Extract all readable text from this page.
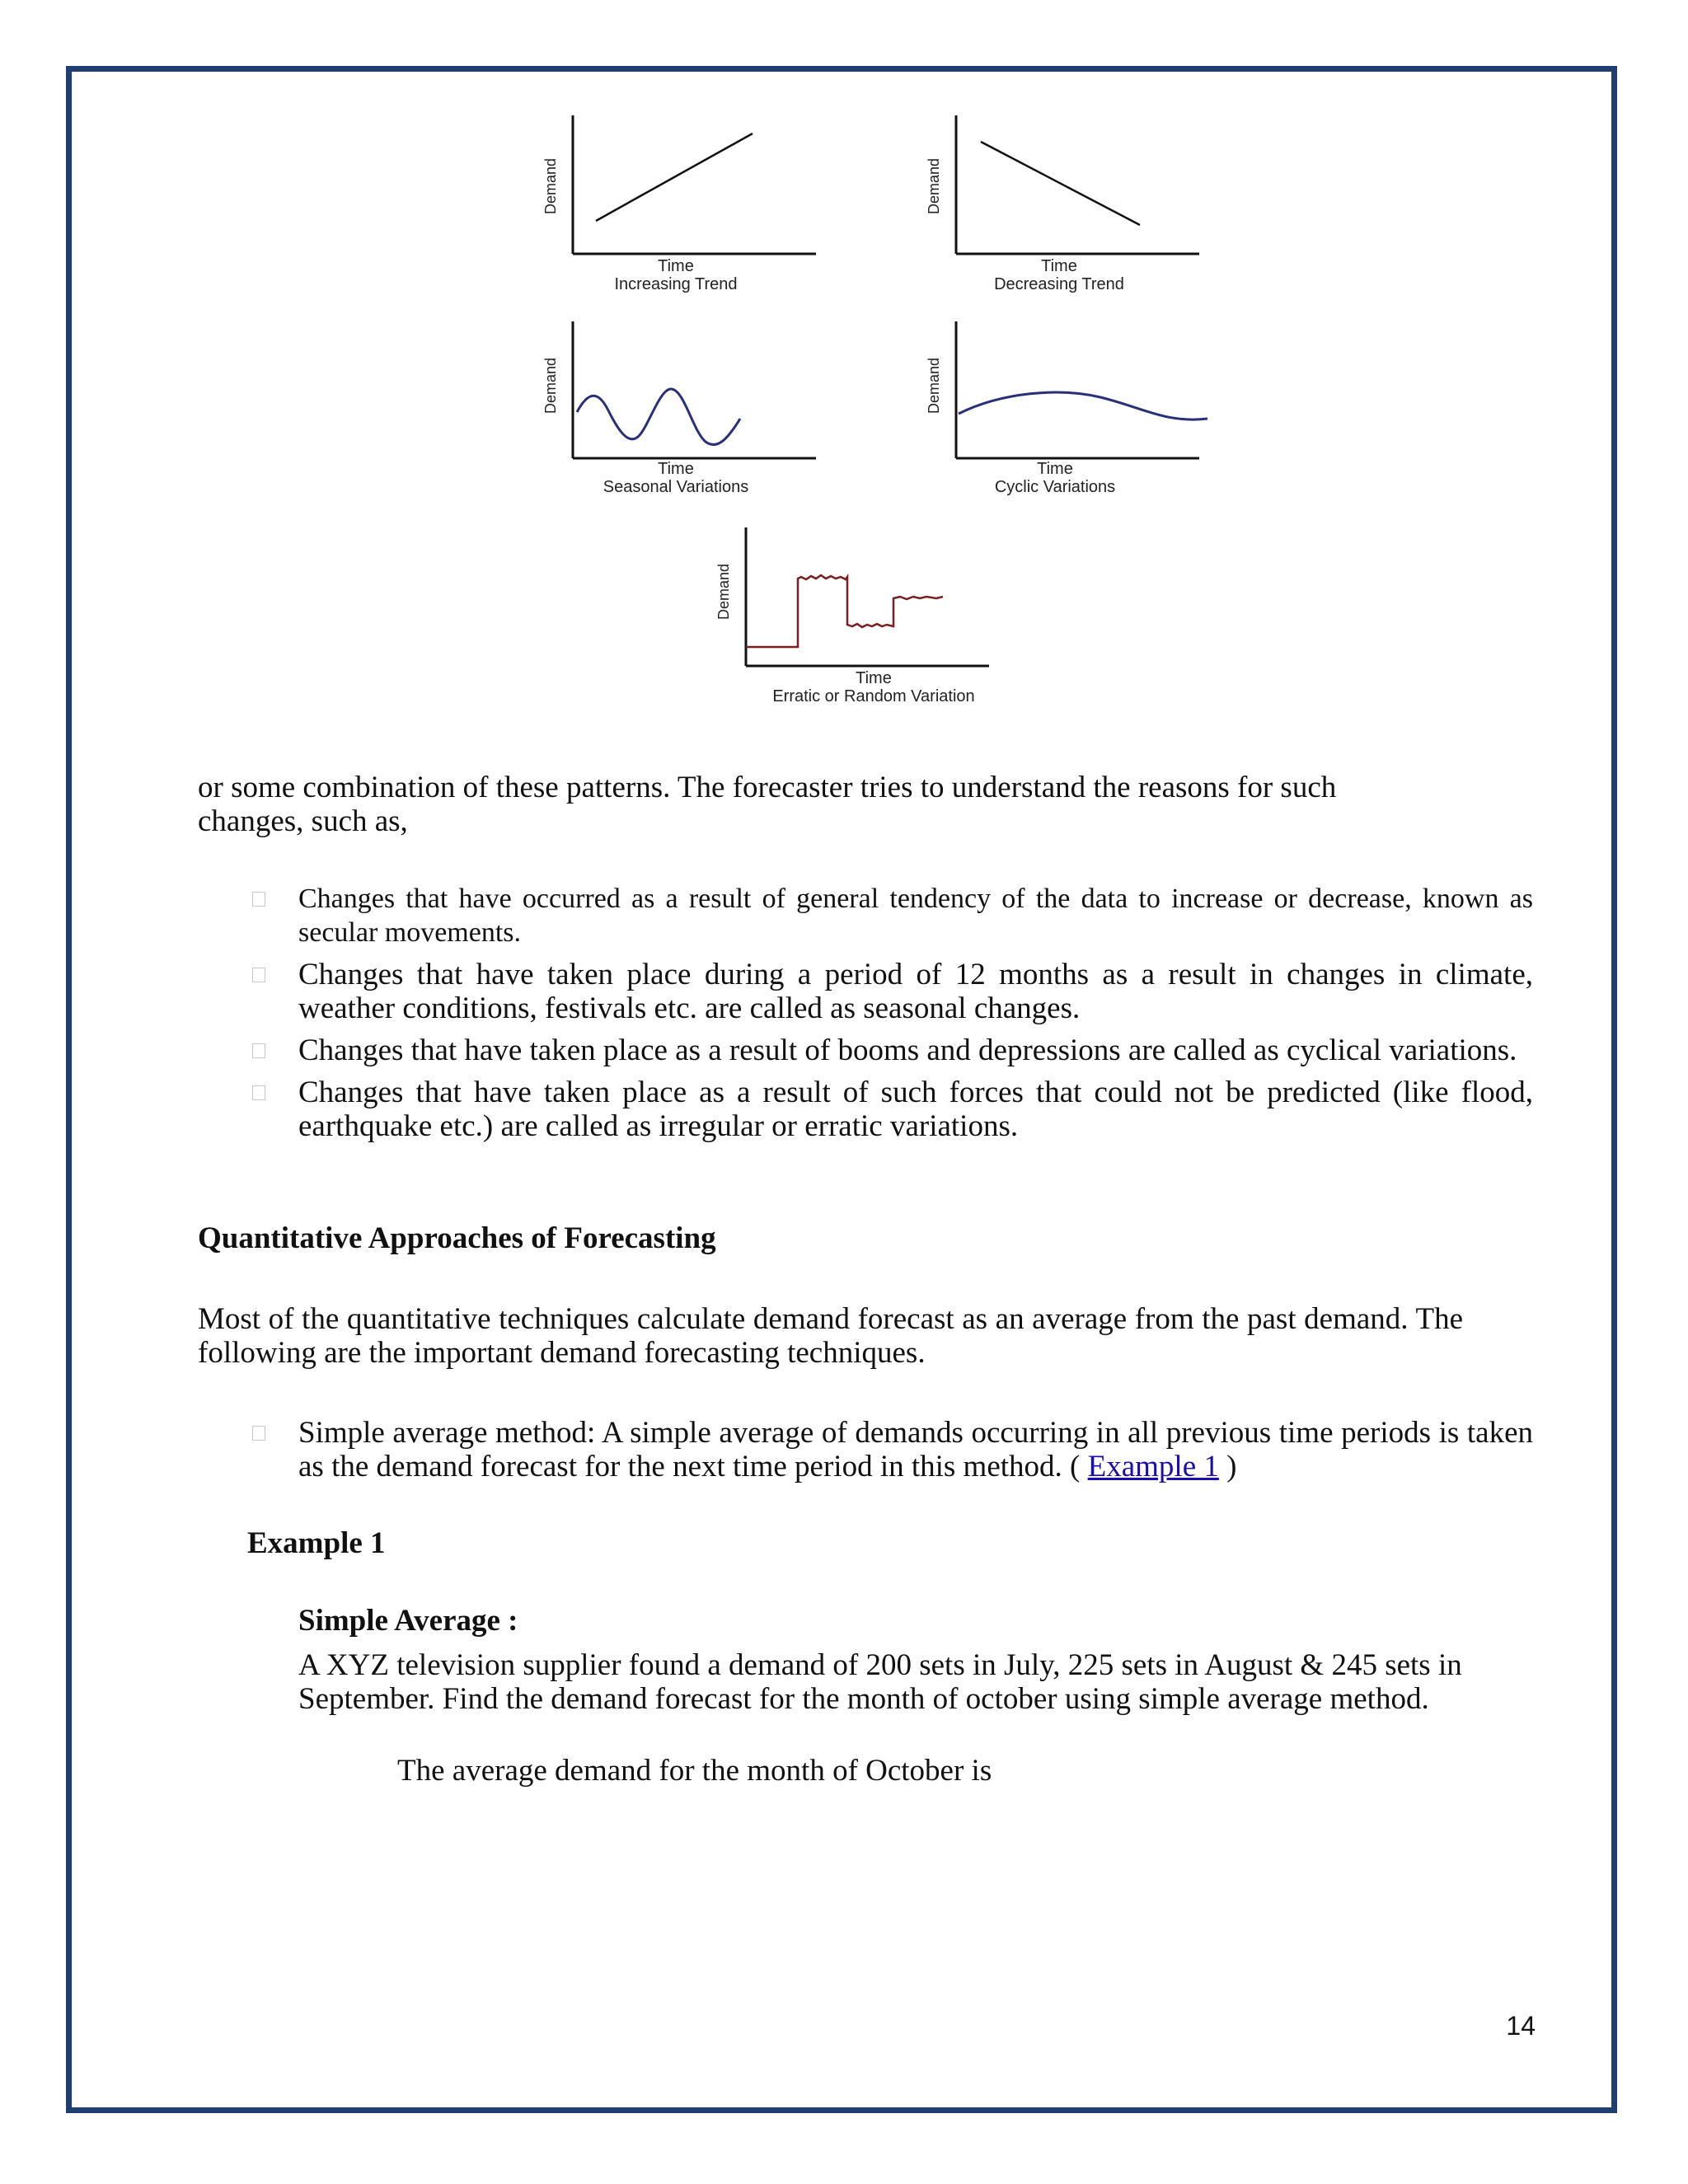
Demand
Time
Increasing Trend
Demand
Time
Decreasing Trend
Demand
Time
Seasonal Variations
Demand
Time
Cyclic Variations
Demand
Time
Erratic or Random Variation
or some combination of these patterns. The forecaster tries to understand the reasons for such changes, such as,
Changes that have occurred as a result of general tendency of the data to increase or decrease, known as secular movements.
Changes that have taken place during a period of 12 months as a result in changes in climate, weather conditions, festivals etc. are called as seasonal changes.
Changes that have taken place as a result of booms and depressions are called as cyclical variations.
Changes that have taken place as a result of such forces that could not be predicted (like flood, earthquake etc.) are called as irregular or erratic variations.
Quantitative Approaches of Forecasting
Most of the quantitative techniques calculate demand forecast as an average from the past demand. The following are the important demand forecasting techniques.
Simple average method: A simple average of demands occurring in all previous time periods is taken as the demand forecast for the next time period in this method. ( Example 1 )
Example 1
Simple Average :
A XYZ television supplier found a demand of 200 sets in July, 225 sets in August & 245 sets in September. Find the demand forecast for the month of october using simple average method.
The average demand for the month of October is
14
